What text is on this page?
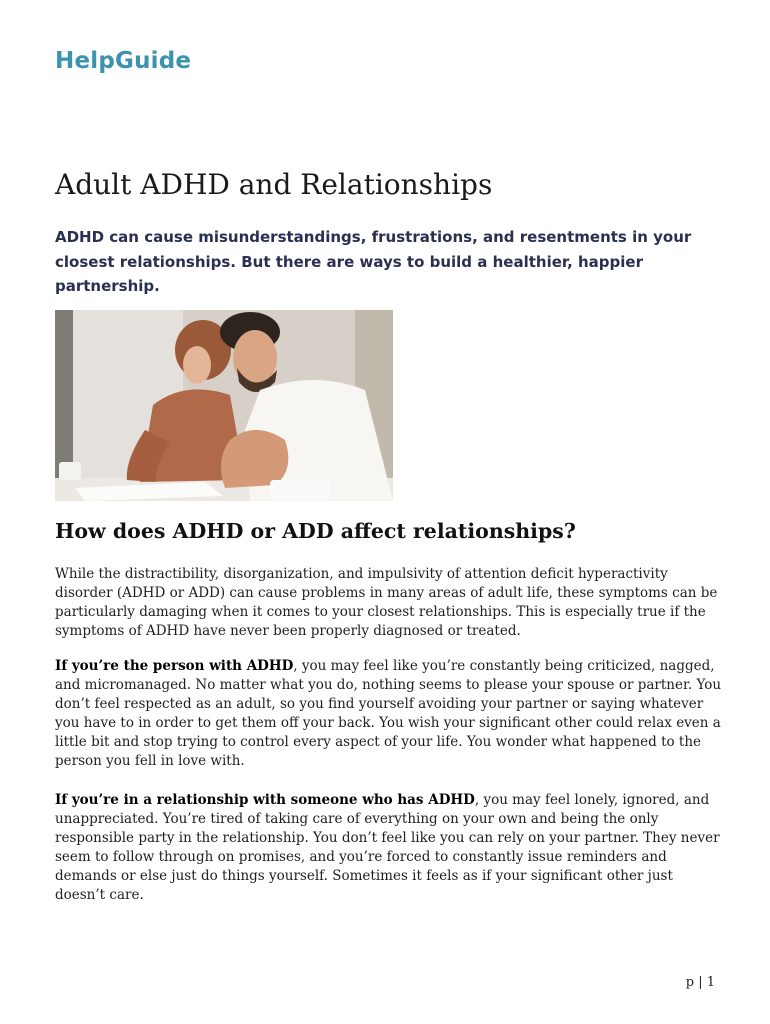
HelpGuide
Adult ADHD and Relationships

ADHD can cause misunderstandings, frustrations, and resentments in your closest relationships. But there are ways to build a healthier, happier partnership.

How does ADHD or ADD affect relationships?

While the distractibility, disorganization, and impulsivity of attention deficit hyperactivity disorder (ADHD or ADD) can cause problems in many areas of adult life, these symptoms can be particularly damaging when it comes to your closest relationships. This is especially true if the symptoms of ADHD have never been properly diagnosed or treated.

If you’re the person with ADHD, you may feel like you’re constantly being criticized, nagged, and micromanaged. No matter what you do, nothing seems to please your spouse or partner. You don’t feel respected as an adult, so you find yourself avoiding your partner or saying whatever you have to in order to get them off your back. You wish your significant other could relax even a little bit and stop trying to control every aspect of your life. You wonder what happened to the person you fell in love with.

If you’re in a relationship with someone who has ADHD, you may feel lonely, ignored, and unappreciated. You’re tired of taking care of everything on your own and being the only responsible party in the relationship. You don’t feel like you can rely on your partner. They never seem to follow through on promises, and you’re forced to constantly issue reminders and demands or else just do things yourself. Sometimes it feels as if your significant other just doesn’t care.

p | 1
